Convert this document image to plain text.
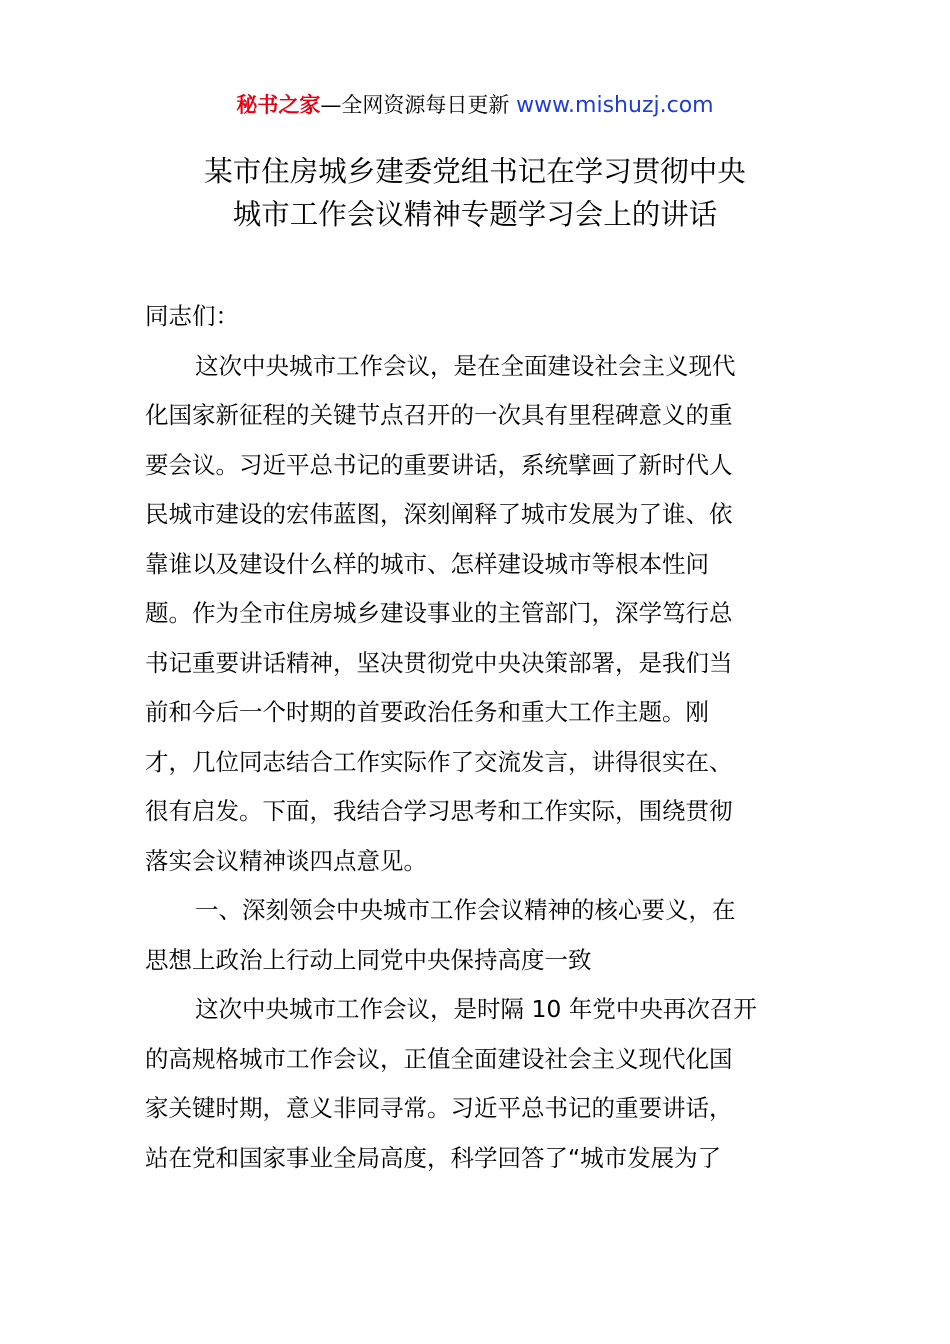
秘书之家—全网资源每日更新 www.mishuzj.com
某市住房城乡建委党组书记在学习贯彻中央
城市工作会议精神专题学习会上的讲话

同志们：

这次中央城市工作会议，是在全面建设社会主义现代
化国家新征程的关键节点召开的一次具有里程碑意义的重
要会议。习近平总书记的重要讲话，系统擘画了新时代人
民城市建设的宏伟蓝图，深刻阐释了城市发展为了谁、依
靠谁以及建设什么样的城市、怎样建设城市等根本性问
题。作为全市住房城乡建设事业的主管部门，深学笃行总
书记重要讲话精神，坚决贯彻党中央决策部署，是我们当
前和今后一个时期的首要政治任务和重大工作主题。刚
才，几位同志结合工作实际作了交流发言，讲得很实在、
很有启发。下面，我结合学习思考和工作实际，围绕贯彻
落实会议精神谈四点意见。

一、深刻领会中央城市工作会议精神的核心要义，在
思想上政治上行动上同党中央保持高度一致

这次中央城市工作会议，是时隔 10 年党中央再次召开
的高规格城市工作会议，正值全面建设社会主义现代化国
家关键时期，意义非同寻常。习近平总书记的重要讲话，
站在党和国家事业全局高度，科学回答了“城市发展为了
